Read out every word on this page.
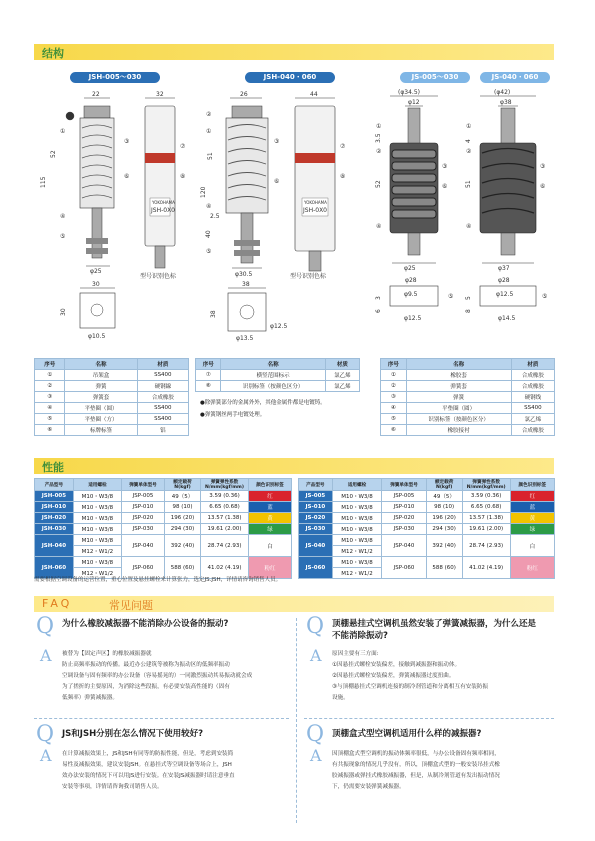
结构
JSH-005～030	JSH-040・060	JS-005～030	JS-040・060
22	32
φ25
52
115
②
①
③
⑥
④
⑤
YOKOHAMA
JSH-0X0
⑦
⑧
型号识别色标
30
30
φ10.5
26	44
φ30.5
51
120
2.5
40
②
①
③
⑥
④
⑤
YOKOHAMA
JSH-0X0
⑦
⑧
型号识别色标
38
38
φ13.5
φ12.5
(φ34.5)
φ12
φ25
52
3.5
①
②
③
⑥
④
φ28
φ9.5
3
6
φ12.5
⑤
(φ42)
φ38
φ37
51
4
①
②
③
⑥
④
φ28
φ12.5
5
8
φ14.5
⑤
序号	名称	材质
①	吊架盒	SS400
②	弹簧	硬钢線
③	弹簧套	合成橡胶
④	平垫圈（圆）	SS400
⑤	平垫圈（方）	SS400
⑥	标牌标签	铝
序号	名称	材质
⑦	横竖范围标示	氯乙烯
⑧	识别标签（按颜色区分）	氯乙烯
●除弹簧部分的金属外外，其他金属件都是电镀铸。
●弹簧钢丝两手电镀处理。
序号	名称	材质
①	橡胶套	合成橡胶
②	弹簧套	合成橡胶
③	弹簧	硬钢线
④	平垫圈（圆）	SS400
⑤	识别标签（按颜色区分）	氯乙烯
⑥	橡胶接衬	合成橡胶
性能
产品型号	适用螺栓	弹簧单体型号	额定载荷 N(kgf)	弹簧弹性系数 N/mm(kgf/mm)	颜色识别标签
JSH-005	M10・W3/8	JSP-005	49（5）	3.59 (0.36)	红
JSH-010	M10・W3/8	JSP-010	98 (10)	6.65 (0.68)	蓝
JSH-020	M10・W3/8	JSP-020	196 (20)	13.57 (1.38)	黄
JSH-030	M10・W3/8	JSP-030	294 (30)	19.61 (2.00)	绿
JSH-040	M10・W3/8	JSP-040	392 (40)	28.74 (2.93)	白
	M12・W1/2				
JSH-060	M10・W3/8	JSP-060	588 (60)	41.02 (4.19)	粉红
	M12・W1/2				
产品型号	适用螺栓	弹簧单体型号	额定载荷 N(kgf)	弹簧弹性系数 N/mm(kgf/mm)	颜色识别标签
JS-005	M10・W3/8	JSP-005	49（5）	3.59 (0.36)	红
JS-010	M10・W3/8	JSP-010	98 (10)	6.65 (0.68)	蓝
JS-020	M10・W3/8	JSP-020	196 (20)	13.57 (1.38)	黄
JS-030	M10・W3/8	JSP-030	294 (30)	19.61 (2.00)	绿
JS-040	M10・W3/8	JSP-040	392 (40)	28.74 (2.93)	白
	M12・W1/2				
JS-060	M10・W3/8	JSP-060	588 (60)	41.02 (4.19)	粉红
	M12・W1/2				
需要根据空调设备的运营位置，重心位置及悬挂螺栓来计算张力，选定JS.JSH，详情请咨询销售人员。
FAQ	常见问题
Q 为什么橡胶减振器不能消除办公设备的振动?
A 被替为【固定声区】的橡胶减振器就
防止高频率振动的传播。最近办公建筑等被称为振动区的低频率振动
空调设备与固有频率的办公设备（容易摇晃的）一同激烈振动其易振动就会成
为了搓折的主要原因，为消除这些段振，有必要安装高性能的（固有
低频率）弹簧减振器。
Q 顶棚悬挂式空调机虽然安装了弹簧减振器，为什么还是不能消除振动?
A 原因主要有三方面:
①因悬挂式螺栓安装偏差，接触到减振器和振动体。
②因悬挂式螺栓安装偏差，弹簧减振器过度扭曲。
③与顶棚悬挂式空调机连接的制冷剂管道和分离相互有安装防振
设施。
Q JS和JSH分别在怎么情况下使用较好?
A 在计算减振效果上，JS和JSH有同等的防振性能，但是，考虑到安装简
易性及减振效果，建议安装JSH。在悬挂式等空调设备等场合上，JSH
效办法安装的情况下可以用JS进行安装。在安装JS减振器时请注意垂直
安装等事项，详情请咨询我司销售人员。
Q 顶棚盒式型空调机适用什么样的减振器?
A 因顶棚盒式型空调机的振动体频率很低，与办公设备固有频率相同，
有共振现象的情况几乎没有，所以，顶棚盒式型的一般安装吊挂式橡
胶减振器或弹挂式橡胶减振器，但是，从制冷剂管道有发出振动情况
下，仍需要安装弹簧减振器。
